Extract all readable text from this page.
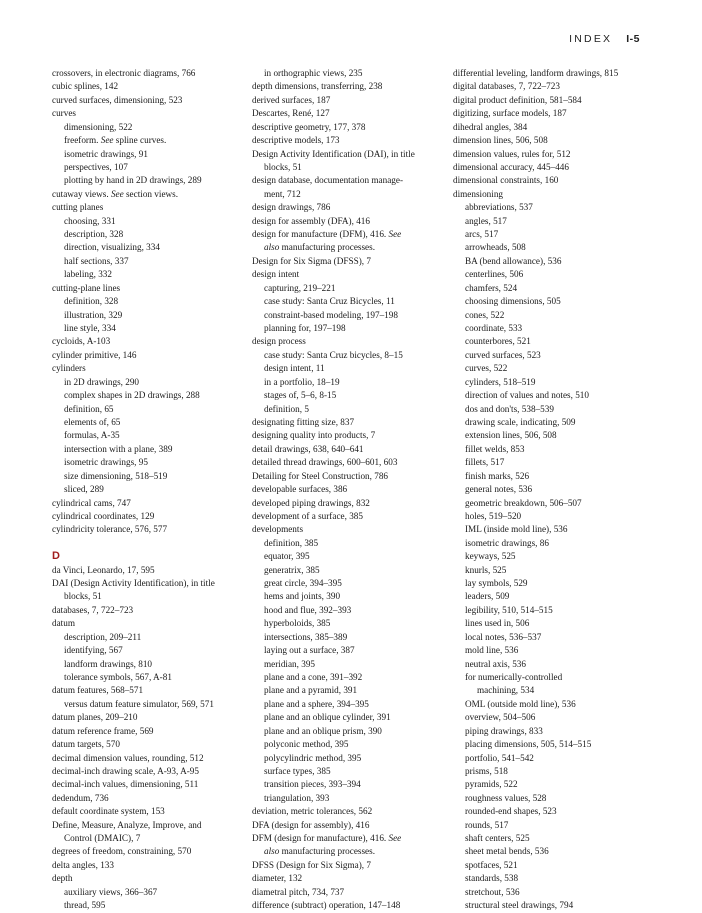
INDEX I-5
crossovers, in electronic diagrams, 766
cubic splines, 142
curved surfaces, dimensioning, 523
curves
dimensioning, 522
freeform. See spline curves.
isometric drawings, 91
perspectives, 107
plotting by hand in 2D drawings, 289
cutaway views. See section views.
cutting planes
choosing, 331
description, 328
direction, visualizing, 334
half sections, 337
labeling, 332
cutting-plane lines
definition, 328
illustration, 329
line style, 334
cycloids, A-103
cylinder primitive, 146
cylinders
in 2D drawings, 290
complex shapes in 2D drawings, 288
definition, 65
elements of, 65
formulas, A-35
intersection with a plane, 389
isometric drawings, 95
size dimensioning, 518–519
sliced, 289
cylindrical cams, 747
cylindrical coordinates, 129
cylindricity tolerance, 576, 577
D
da Vinci, Leonardo, 17, 595
DAI (Design Activity Identification), in title
blocks, 51
databases, 7, 722–723
datum
description, 209–211
identifying, 567
landform drawings, 810
tolerance symbols, 567, A-81
datum features, 568–571
versus datum feature simulator, 569, 571
datum planes, 209–210
datum reference frame, 569
datum targets, 570
decimal dimension values, rounding, 512
decimal-inch drawing scale, A-93, A-95
decimal-inch values, dimensioning, 511
dedendum, 736
default coordinate system, 153
Define, Measure, Analyze, Improve, and
Control (DMAIC), 7
degrees of freedom, constraining, 570
delta angles, 133
depth
auxiliary views, 366–367
thread, 595
in orthographic views, 235
depth dimensions, transferring, 238
derived surfaces, 187
Descartes, René, 127
descriptive geometry, 177, 378
descriptive models, 173
Design Activity Identification (DAI), in title
blocks, 51
design database, documentation manage-
ment, 712
design drawings, 786
design for assembly (DFA), 416
design for manufacture (DFM), 416. See
also manufacturing processes.
Design for Six Sigma (DFSS), 7
design intent
capturing, 219–221
case study: Santa Cruz Bicycles, 11
constraint-based modeling, 197–198
planning for, 197–198
design process
case study: Santa Cruz bicycles, 8–15
design intent, 11
in a portfolio, 18–19
stages of, 5–6, 8-15
definition, 5
designating fitting size, 837
designing quality into products, 7
detail drawings, 638, 640–641
detailed thread drawings, 600–601, 603
Detailing for Steel Construction, 786
developable surfaces, 386
developed piping drawings, 832
development of a surface, 385
developments
definition, 385
equator, 395
generatrix, 385
great circle, 394–395
hems and joints, 390
hood and flue, 392–393
hyperboloids, 385
intersections, 385–389
laying out a surface, 387
meridian, 395
plane and a cone, 391–392
plane and a pyramid, 391
plane and a sphere, 394–395
plane and an oblique cylinder, 391
plane and an oblique prism, 390
polyconic method, 395
polycylindric method, 395
surface types, 385
transition pieces, 393–394
triangulation, 393
deviation, metric tolerances, 562
DFA (design for assembly), 416
DFM (design for manufacture), 416. See
also manufacturing processes.
DFSS (Design for Six Sigma), 7
diameter, 132
diametral pitch, 734, 737
difference (subtract) operation, 147–148
differential leveling, landform drawings, 815
digital databases, 7, 722–723
digital product definition, 581–584
digitizing, surface models, 187
dihedral angles, 384
dimension lines, 506, 508
dimension values, rules for, 512
dimensional accuracy, 445–446
dimensional constraints, 160
dimensioning
abbreviations, 537
angles, 517
arcs, 517
arrowheads, 508
BA (bend allowance), 536
centerlines, 506
chamfers, 524
choosing dimensions, 505
cones, 522
coordinate, 533
counterbores, 521
curved surfaces, 523
curves, 522
cylinders, 518–519
direction of values and notes, 510
dos and don'ts, 538–539
drawing scale, indicating, 509
extension lines, 506, 508
fillet welds, 853
fillets, 517
finish marks, 526
general notes, 536
geometric breakdown, 506–507
holes, 519–520
IML (inside mold line), 536
isometric drawings, 86
keyways, 525
knurls, 525
lay symbols, 529
leaders, 509
legibility, 510, 514–515
lines used in, 506
local notes, 536–537
mold line, 536
neutral axis, 536
for numerically-controlled
machining, 534
OML (outside mold line), 536
overview, 504–506
piping drawings, 833
placing dimensions, 505, 514–515
portfolio, 541–542
prisms, 518
pyramids, 522
roughness values, 528
rounded-end shapes, 523
rounds, 517
shaft centers, 525
sheet metal bends, 536
spotfaces, 521
standards, 538
stretchout, 536
structural steel drawings, 794
